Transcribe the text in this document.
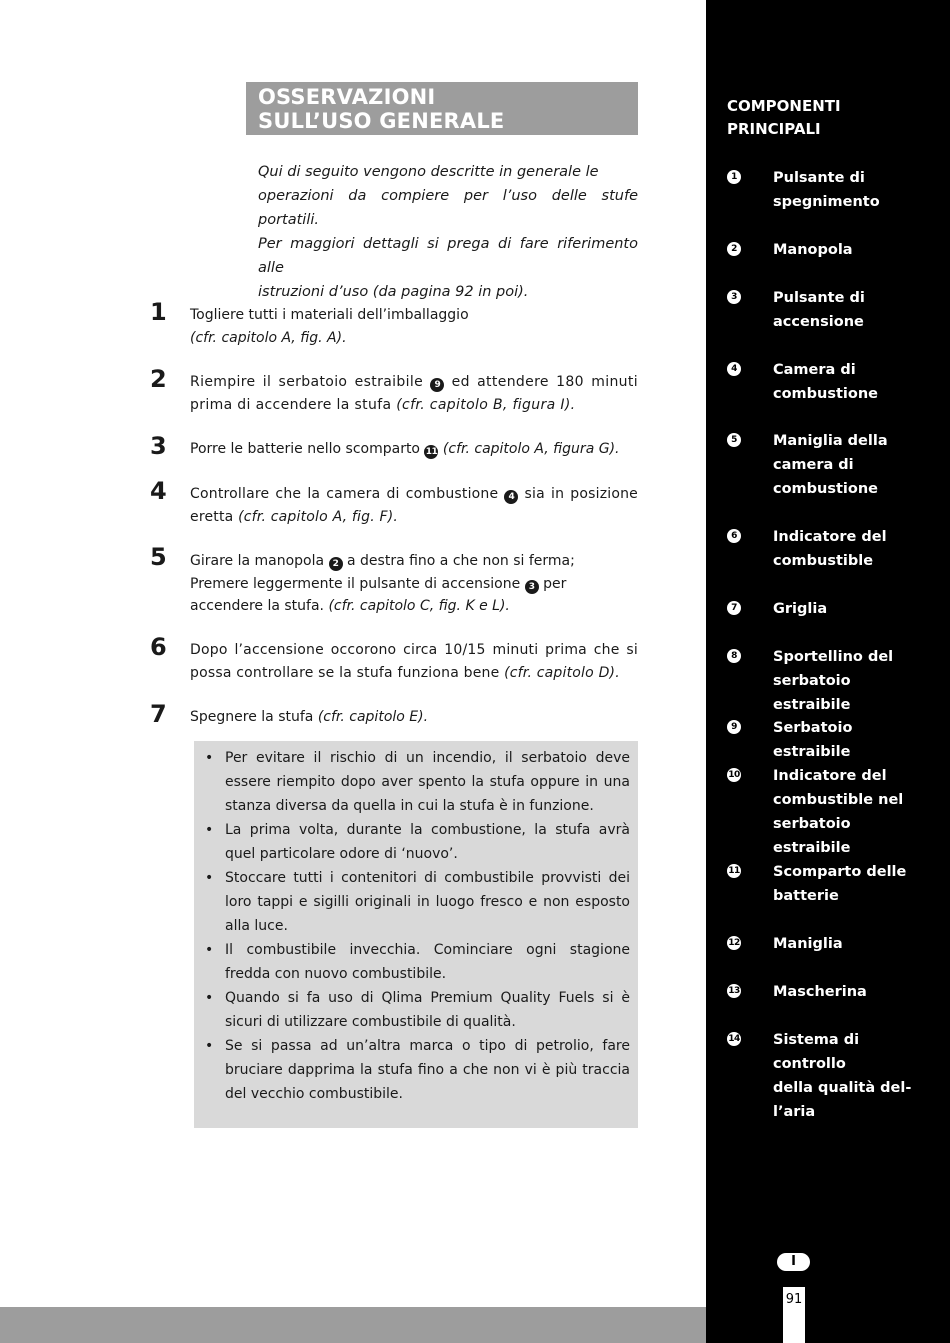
OSSERVAZIONI
SULL’USO GENERALE
Qui di seguito vengono descritte in generale le
operazioni da compiere per l’uso delle stufe portatili.
Per maggiori dettagli si prega di fare riferimento alle
istruzioni d’uso (da pagina 92 in poi).
1	Togliere tutti i materiali dell’imballaggio
(cfr. capitolo A, fig. A).
2	Riempire il serbatoio estraibile 9 ed attendere 180 minuti prima di accendere la stufa (cfr. capitolo B, figura I).
3	Porre le batterie nello scomparto 11 (cfr. capitolo A, figura G).
4	Controllare che la camera di combustione 4 sia in posizione eretta (cfr. capitolo A, fig. F).
5	Girare la manopola 2 a destra fino a che non si ferma;
Premere leggermente il pulsante di accensione 3 per accendere la stufa. (cfr. capitolo C, fig. K e L).
6	Dopo l’accensione occorono circa 10/15 minuti prima che si possa controllare se la stufa funziona bene (cfr. capitolo D).
7	Spegnere la stufa (cfr. capitolo E).
• Per evitare il rischio di un incendio, il serbatoio deve essere riempito dopo aver spento la stufa oppure in una stanza diversa da quella in cui la stufa è in funzione.
• La prima volta, durante la combustione, la stufa avrà quel particolare odore di ‘nuovo’.
• Stoccare tutti i contenitori di combustibile provvisti dei loro tappi e sigilli originali in luogo fresco e non esposto alla luce.
• Il combustibile invecchia. Cominciare ogni stagione fredda con nuovo combustibile.
• Quando si fa uso di Qlima Premium Quality Fuels si è sicuri di utilizzare combustibile di qualità.
• Se si passa ad un’altra marca o tipo di petrolio, fare bruciare dapprima la stufa fino a che non vi è più traccia del vecchio combustibile.
COMPONENTI
PRINCIPALI
1 Pulsante di
spegnimento
2 Manopola
3 Pulsante di
accensione
4 Camera di
combustione
5 Maniglia della
camera di
combustione
6 Indicatore del
combustible
7 Griglia
8 Sportellino del
serbatoio estraibile
9 Serbatoio estraibile
10 Indicatore del
combustible nel
serbatoio estraibile
11 Scomparto delle
batterie
12 Maniglia
13 Mascherina
14 Sistema di controllo
della qualità del-
l’aria
I
91
